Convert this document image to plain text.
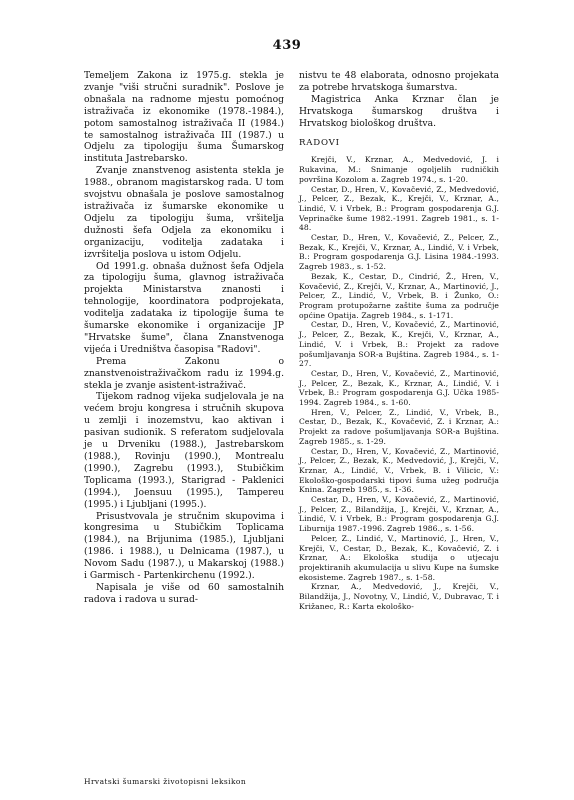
439

Temeljem Zakona iz 1975.g. stekla je zvanje "viši stručni suradnik". Poslove je obnašala na radnome mjestu pomoćnog istraživača iz ekonomike (1978.-1984.), potom samostalnog istraživača II (1984.) te samostalnog istraživača III (1987.) u Odjelu za tipologiju šuma Šumarskog instituta Jastrebarsko.

Zvanje znanstvenog asistenta stekla je 1988., obranom magistarskog rada. U tom svojstvu obnašala je poslove samostalnog istraživača iz šumarske ekonomike u Odjelu za tipologiju šuma, vršitelja dužnosti šefa Odjela za ekonomiku i organizaciju, voditelja zadataka i izvršitelja poslova u istom Odjelu.

Od 1991.g. obnaša dužnost šefa Odjela za tipologiju šuma, glavnog istraživača projekta Ministarstva znanosti i tehnologije, koordinatora podprojekata, voditelja zadataka iz tipologije šuma te šumarske ekonomike i organizacije JP "Hrvatske šume", člana Znanstvenoga vijeća i Uredništva časopisa "Radovi".

Prema Zakonu o znanstvenoistraživačkom radu iz 1994.g. stekla je zvanje asistent-istraživač.

Tijekom radnog vijeka sudjelovala je na većem broju kongresa i stručnih skupova u zemlji i inozemstvu, kao aktivan i pasivan sudionik. S referatom sudjelovala je u Drveniku (1988.), Jastrebarskom (1988.), Rovinju (1990.), Montrealu (1990.), Zagrebu (1993.), Stubičkim Toplicama (1993.), Starigrad - Paklenici (1994.), Joensuu (1995.), Tampereu (1995.) i Ljubljani (1995.).

Prisustvovala je stručnim skupovima i kongresima u Stubičkim Toplicama (1984.), na Brijunima (1985.), Ljubljani (1986. i 1988.), u Delnicama (1987.), u Novom Sadu (1987.), u Makarskoj (1988.) i Garmisch - Partenkirchenu (1992.).

Napisala je više od 60 samostalnih radova i radova u surad-

nistvu te 48 elaborata, odnosno projekata za potrebe hrvatskoga šumarstva.

Magistrica Anka Krznar član je Hrvatskoga šumarskog društva i Hrvatskog biološkog društva.

RADOVI

Krejči, V., Krznar, A., Medvedović, J. i Rukavina, M.: Snimanje ogoljelih rudničkih površina Kozolom a. Zagreb 1974., s. 1-20.

Cestar, D., Hren, V., Kovačević, Z., Medvedović, J., Pelcer, Z., Bezak, K., Krejči, V., Krznar, A., Lindić, V. i Vrbek, B.: Program gospodarenja G.J. Veprinačke šume 1982.-1991. Zagreb 1981., s. 1-48.

Cestar, D., Hren, V., Kovačević, Z., Pelcer, Z., Bezak, K., Krejči, V., Krznar, A., Lindić, V. i Vrbek, B.: Program gospodarenja G.J. Lisina 1984.-1993. Zagreb 1983., s. 1-52.

Bezak, K., Cestar, D., Cindrić, Ž., Hren, V., Kovačević, Z., Krejči, V., Krznar, A., Martinović, J., Pelcer, Z., Lindić, V., Vrbek, B. i Žunko, O.: Program protupožarne zaštite šuma za područje općine Opatija. Zagreb 1984., s. 1-171.

Cestar, D., Hren, V., Kovačević, Z., Martinović, J., Pelcer, Z., Bezak, K., Krejči, V., Krznar, A., Lindić, V. i Vrbek, B.: Projekt za radove pošumljavanja SOR-a Bujština. Zagreb 1984., s. 1-27.

Cestar, D., Hren, V., Kovačević, Z., Martinović, J., Pelcer, Z., Bezak, K., Krznar, A., Lindić, V. i Vrbek, B.: Program gospodarenja G.J. Učka 1985-1994. Zagreb 1984., s. 1-60.

Hren, V., Pelcer, Z., Lindić, V., Vrbek, B., Cestar, D., Bezak, K., Kovačević, Z. i Krznar, A.: Projekt za radove pošumljavanja SOR-a Bujština. Zagreb 1985., s. 1-29.

Cestar, D., Hren, V., Kovačević, Z., Martinović, J., Pelcer, Z., Bezak, K., Medvedović, J., Krejči, V., Krznar, A., Lindić, V., Vrbek, B. i Vilicic, V.: Ekološko-gospodarski tipovi šuma užeg područja Knina. Zagreb 1985., s. 1-36.

Cestar, D., Hren, V., Kovačević, Z., Martinović, J., Pelcer, Z., Bilandžija, J., Krejči, V., Krznar, A., Lindić, V. i Vrbek, B.: Program gospodarenja G.J. Liburnija 1987.-1996. Zagreb 1986., s. 1-56.

Pelcer, Z., Lindić, V., Martinović, J., Hren, V., Krejči, V., Cestar, D., Bezak, K., Kovačević, Z. i Krznar, A.: Ekološka studija o utjecaju projektiranih akumulacija u slivu Kupe na šumske ekosisteme. Zagreb 1987., s. 1-58.

Krznar, A., Medvedović, J., Krejči, V., Bilandžija, J., Novotny, V., Lindić, V., Dubravac, T. i Križanec, R.: Karta ekološko-

Hrvatski šumarski životopisni leksikon
